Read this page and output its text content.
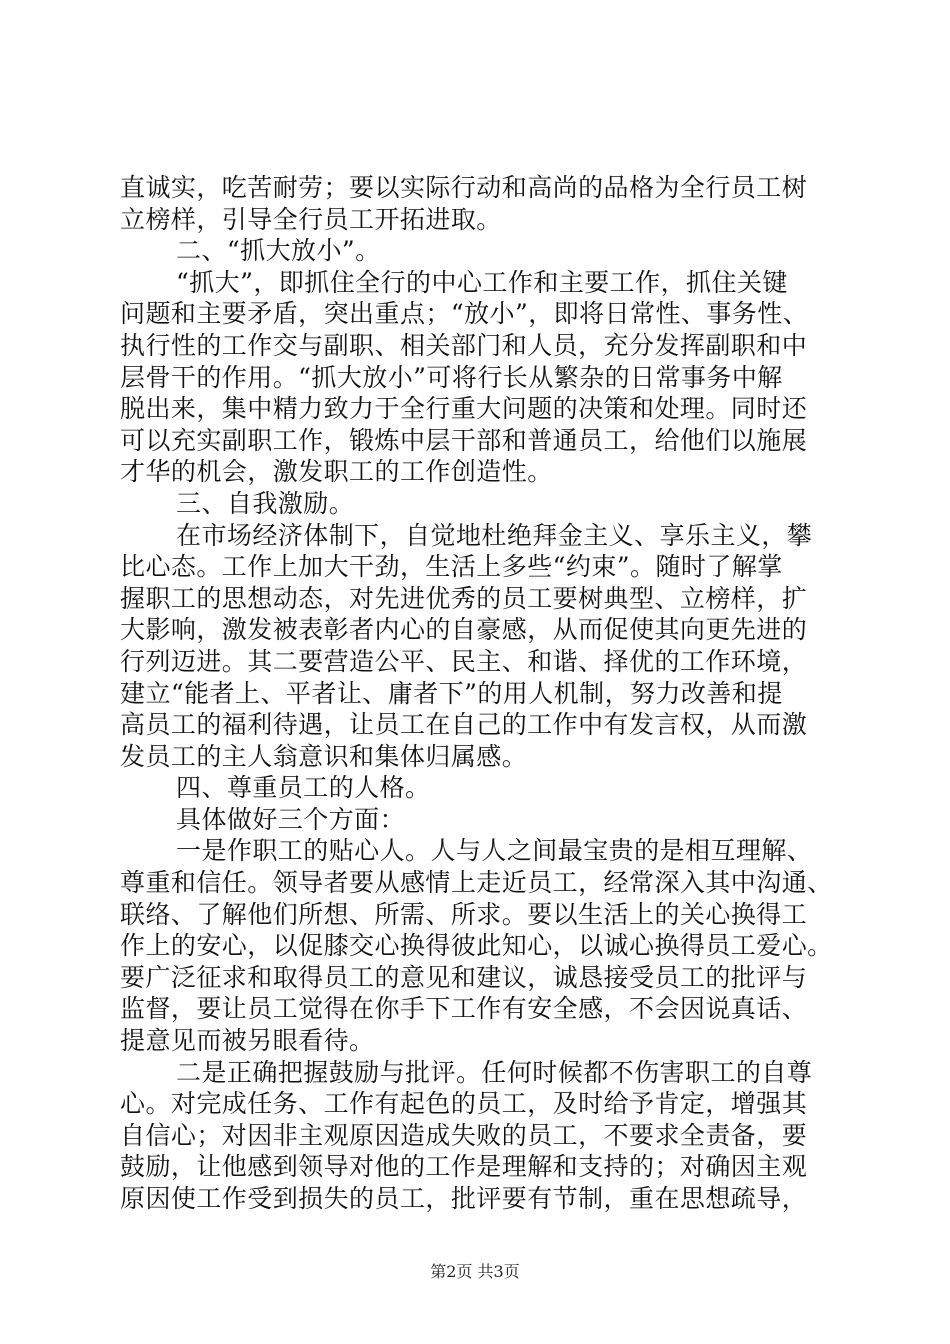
直诚实，吃苦耐劳；要以实际行动和高尚的品格为全行员工树
立榜样，引导全行员工开拓进取。
二、“抓大放小”。
“抓大”，即抓住全行的中心工作和主要工作，抓住关键
问题和主要矛盾，突出重点；“放小”，即将日常性、事务性、
执行性的工作交与副职、相关部门和人员，充分发挥副职和中
层骨干的作用。“抓大放小”可将行长从繁杂的日常事务中解
脱出来，集中精力致力于全行重大问题的决策和处理。同时还
可以充实副职工作，锻炼中层干部和普通员工，给他们以施展
才华的机会，激发职工的工作创造性。
三、自我激励。
在市场经济体制下，自觉地杜绝拜金主义、享乐主义，攀
比心态。工作上加大干劲，生活上多些“约束”。随时了解掌
握职工的思想动态，对先进优秀的员工要树典型、立榜样，扩
大影响，激发被表彰者内心的自豪感，从而促使其向更先进的
行列迈进。其二要营造公平、民主、和谐、择优的工作环境，
建立“能者上、平者让、庸者下”的用人机制，努力改善和提
高员工的福利待遇，让员工在自己的工作中有发言权，从而激
发员工的主人翁意识和集体归属感。
四、尊重员工的人格。
具体做好三个方面：
一是作职工的贴心人。人与人之间最宝贵的是相互理解、
尊重和信任。领导者要从感情上走近员工，经常深入其中沟通、
联络、了解他们所想、所需、所求。要以生活上的关心换得工
作上的安心，以促膝交心换得彼此知心，以诚心换得员工爱心。
要广泛征求和取得员工的意见和建议，诚恳接受员工的批评与
监督，要让员工觉得在你手下工作有安全感，不会因说真话、
提意见而被另眼看待。
二是正确把握鼓励与批评。任何时候都不伤害职工的自尊
心。对完成任务、工作有起色的员工，及时给予肯定，增强其
自信心；对因非主观原因造成失败的员工，不要求全责备，要
鼓励，让他感到领导对他的工作是理解和支持的；对确因主观
原因使工作受到损失的员工，批评要有节制，重在思想疏导，
第2页 共3页
